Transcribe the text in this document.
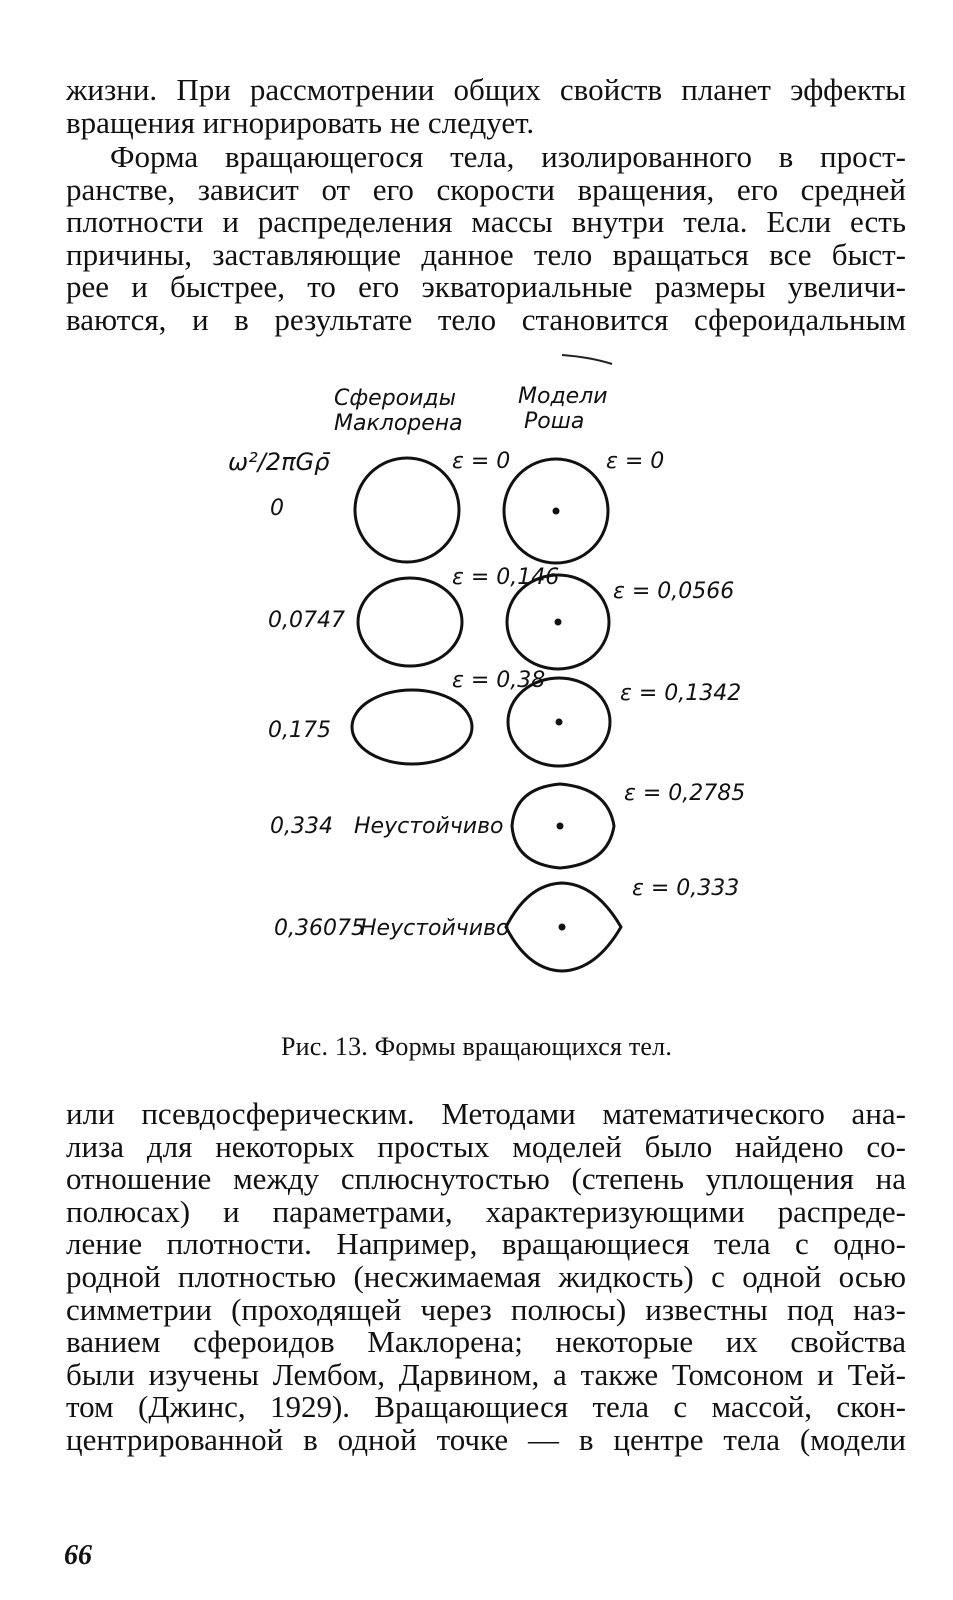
жизни. При рассмотрении общих свойств планет эффекты
вращения игнорировать не следует.
Форма вращающегося тела, изолированного в прост-
ранстве, зависит от его скорости вращения, его средней
плотности и распределения массы внутри тела. Если есть
причины, заставляющие данное тело вращаться все быст-
рее и быстрее, то его экваториальные размеры увеличи-
ваются, и в результате тело становится сфероидальным
Сфероиды
Маклорена
Модели
Роша
ω²/2πGρ̄
0
ε = 0	ε = 0
0,0747
ε = 0,146
ε = 0,0566
0,175
ε = 0,38
ε = 0,1342
0,334 Неустойчиво
ε = 0,2785
0,36075
Неустойчиво
ε = 0,333
Рис. 13. Формы вращающихся тел.
или псевдосферическим. Методами математического ана-
лиза для некоторых простых моделей было найдено со-
отношение между сплюснутостью (степень уплощения на
полюсах) и параметрами, характеризующими распреде-
ление плотности. Например, вращающиеся тела с одно-
родной плотностью (несжимаемая жидкость) с одной осью
симметрии (проходящей через полюсы) известны под наз-
ванием сфероидов Маклорена; некоторые их свойства
были изучены Лембом, Дарвином, а также Томсоном и Тей-
том (Джинс, 1929). Вращающиеся тела с массой, скон-
центрированной в одной точке — в центре тела (модели
66
